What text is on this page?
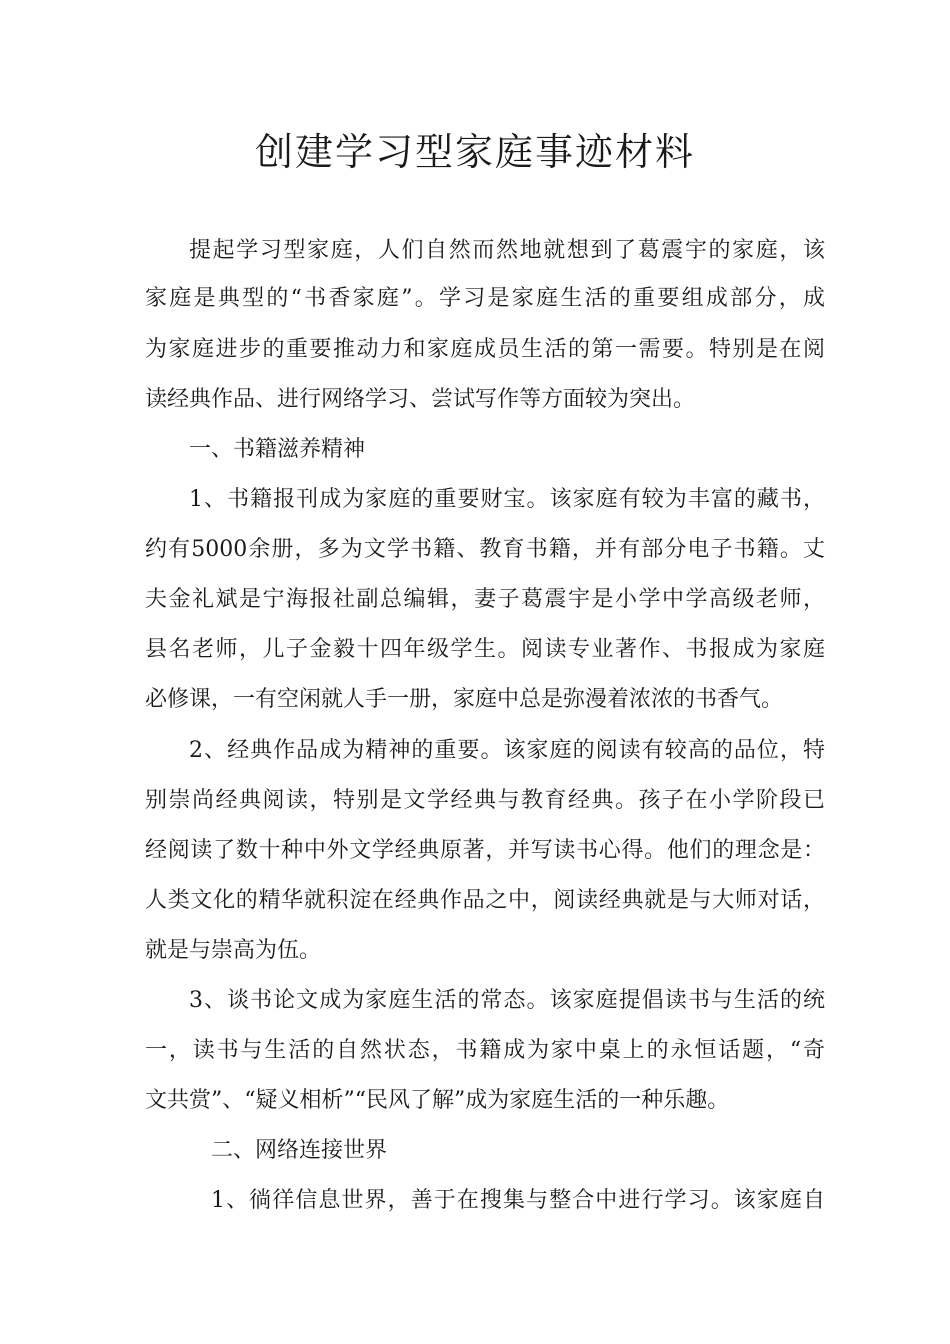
创建学习型家庭事迹材料

提起学习型家庭，人们自然而然地就想到了葛震宇的家庭，该

家庭是典型的“书香家庭”。学习是家庭生活的重要组成部分，成

为家庭进步的重要推动力和家庭成员生活的第一需要。特别是在阅

读经典作品、进行网络学习、尝试写作等方面较为突出。

一、书籍滋养精神

1、书籍报刊成为家庭的重要财宝。该家庭有较为丰富的藏书，

约有5000余册，多为文学书籍、教育书籍，并有部分电子书籍。丈

夫金礼斌是宁海报社副总编辑，妻子葛震宇是小学中学高级老师，

县名老师，儿子金毅十四年级学生。阅读专业著作、书报成为家庭

必修课，一有空闲就人手一册，家庭中总是弥漫着浓浓的书香气。

2、经典作品成为精神的重要。该家庭的阅读有较高的品位，特

别崇尚经典阅读，特别是文学经典与教育经典。孩子在小学阶段已

经阅读了数十种中外文学经典原著，并写读书心得。他们的理念是：

人类文化的精华就积淀在经典作品之中，阅读经典就是与大师对话，

就是与崇高为伍。

3、谈书论文成为家庭生活的常态。该家庭提倡读书与生活的统

一，读书与生活的自然状态，书籍成为家中桌上的永恒话题，“奇

文共赏”、“疑义相析”“民风了解”成为家庭生活的一种乐趣。

二、网络连接世界

1、徜徉信息世界，善于在搜集与整合中进行学习。该家庭自
